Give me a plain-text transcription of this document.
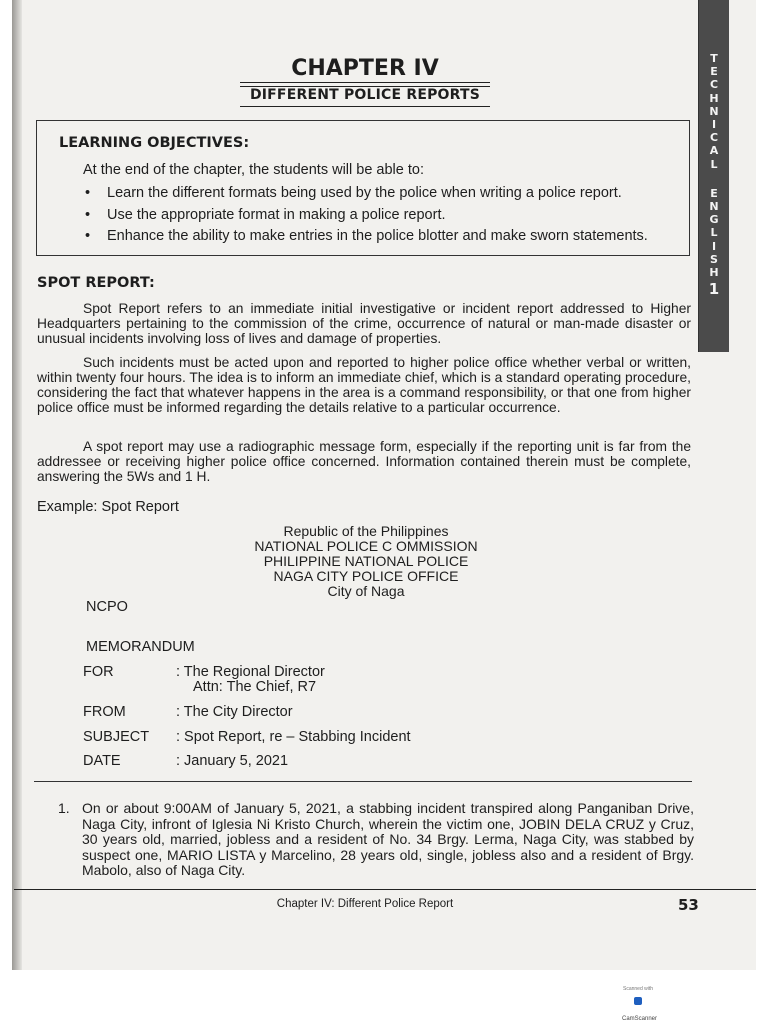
T
E
C
H
N
I
C
A
L
E
N
G
L
I
S
H
1
CHAPTER IV
DIFFERENT POLICE REPORTS
LEARNING OBJECTIVES:
At the end of the chapter, the students will be able to:
• Learn the different formats being used by the police when writing a police report.
• Use the appropriate format in making a police report.
• Enhance the ability to make entries in the police blotter and make sworn statements.
SPOT REPORT:

Spot Report refers to an immediate initial investigative or incident report addressed to Higher Headquarters pertaining to the commission of the crime, occurrence of natural or man-made disaster or unusual incidents involving loss of lives and damage of properties.

Such incidents must be acted upon and reported to higher police office whether verbal or written, within twenty four hours. The idea is to inform an immediate chief, which is a standard operating procedure, considering the fact that whatever happens in the area is a command responsibility, or that one from higher police office must be informed regarding the details relative to a particular occurrence.

A spot report may use a radiographic message form, especially if the reporting unit is far from the addressee or receiving higher police office concerned. Information contained therein must be complete, answering the 5Ws and 1 H.

Example: Spot Report
Republic of the Philippines
NATIONAL POLICE C OMMISSION
PHILIPPINE NATIONAL POLICE
NAGA CITY POLICE OFFICE
City of Naga
NCPO
MEMORANDUM
FOR	: The Regional Director
Attn: The Chief, R7
FROM	: The City Director
SUBJECT : Spot Report, re – Stabbing Incident
DATE	: January 5, 2021
1. On or about 9:00AM of January 5, 2021, a stabbing incident transpired along Panganiban Drive, Naga City, infront of Iglesia Ni Kristo Church, wherein the victim one, JOBIN DELA CRUZ y Cruz, 30 years old, married, jobless and a resident of No. 34 Brgy. Lerma, Naga City, was stabbed by suspect one, MARIO LISTA y Marcelino, 28 years old, single, jobless also and a resident of Brgy. Mabolo, also of Naga City.
Chapter IV: Different Police Report	53
Scanned with
CamScanner
